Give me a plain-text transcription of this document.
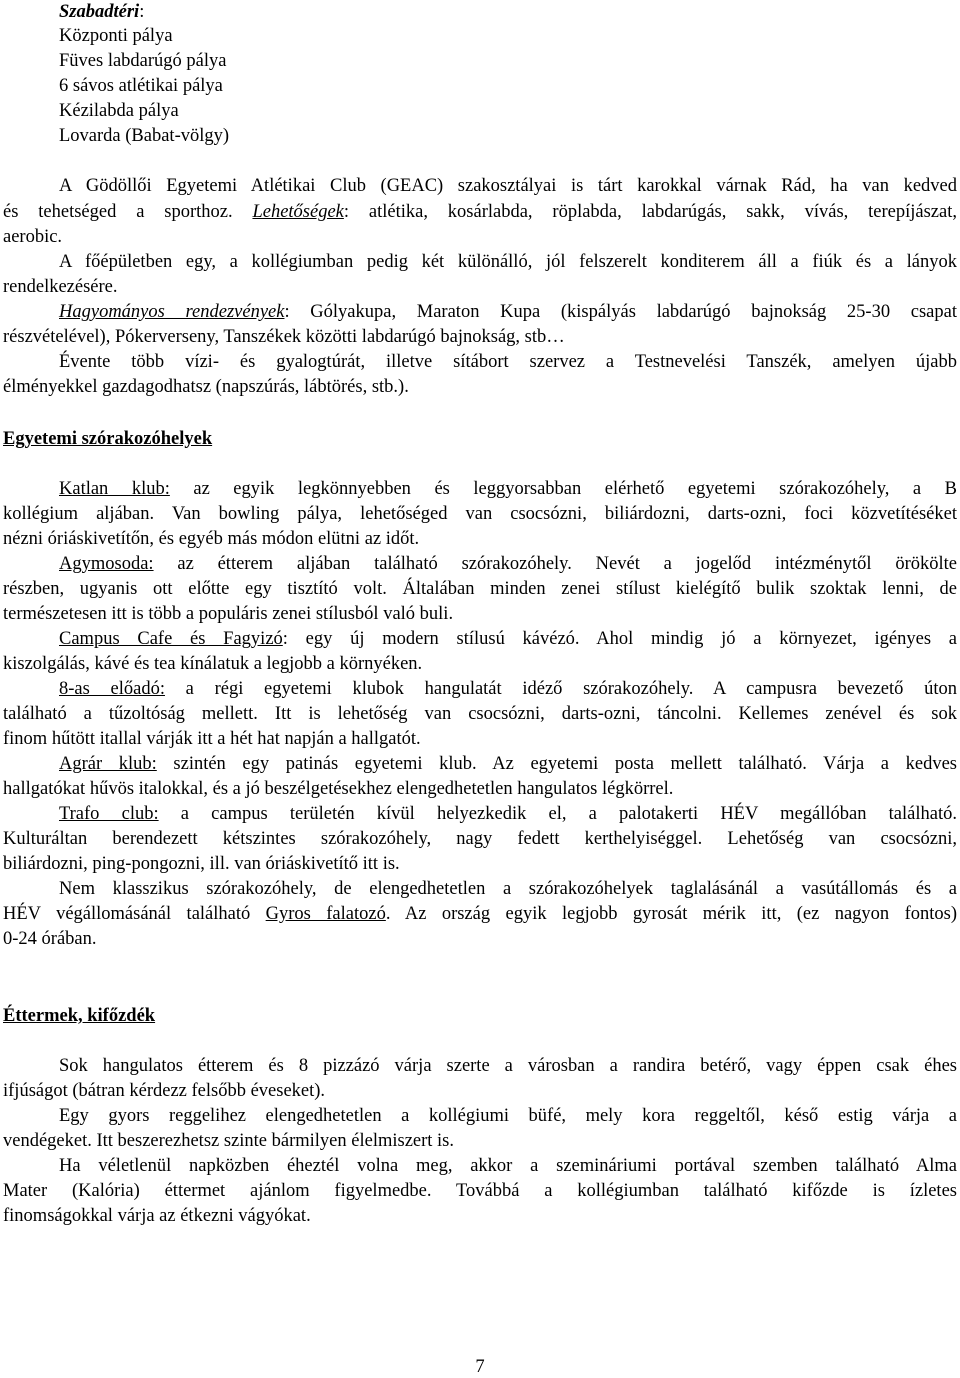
Szabadtéri:
Központi pálya
Füves labdarúgó pálya
6 sávos atlétikai pálya
Kézilabda pálya
Lovarda (Babat-völgy)
A Gödöllői Egyetemi Atlétikai Club (GEAC) szakosztályai is tárt karokkal várnak Rád, ha van kedved
és tehetséged a sporthoz. Lehetőségek: atlétika, kosárlabda, röplabda, labdarúgás, sakk, vívás, terepíjászat,
aerobic.
A főépületben egy, a kollégiumban pedig két különálló, jól felszerelt konditerem áll a fiúk és a lányok
rendelkezésére.
Hagyományos rendezvények: Gólyakupa, Maraton Kupa (kispályás labdarúgó bajnokság 25-30 csapat
részvételével), Pókerverseny, Tanszékek közötti labdarúgó bajnokság, stb…
Évente több vízi- és gyalogtúrát, illetve sítábort szervez a Testnevelési Tanszék, amelyen újabb
élményekkel gazdagodhatsz (napszúrás, lábtörés, stb.).
Egyetemi szórakozóhelyek
Katlan klub: az egyik legkönnyebben és leggyorsabban elérhető egyetemi szórakozóhely, a B
kollégium aljában. Van bowling pálya, lehetőséged van csocsózni, biliárdozni, darts-ozni, foci közvetítéséket
nézni óriáskivetítőn, és egyéb más módon elütni az időt.
Agymosoda: az étterem aljában található szórakozóhely. Nevét a jogelőd intézménytől örökölte
részben, ugyanis ott előtte egy tisztító volt. Általában minden zenei stílust kielégítő bulik szoktak lenni, de
természetesen itt is több a populáris zenei stílusból való buli.
Campus Cafe és Fagyizó: egy új modern stílusú kávézó. Ahol mindig jó a környezet, igényes a
kiszolgálás, kávé és tea kínálatuk a legjobb a környéken.
8-as előadó: a régi egyetemi klubok hangulatát idéző szórakozóhely. A campusra bevezető úton
található a tűzoltóság mellett. Itt is lehetőség van csocsózni, darts-ozni, táncolni. Kellemes zenével és sok
finom hűtött itallal várják itt a hét hat napján a hallgatót.
Agrár klub: szintén egy patinás egyetemi klub. Az egyetemi posta mellett található. Várja a kedves
hallgatókat hűvös italokkal, és a jó beszélgetésekhez elengedhetetlen hangulatos légkörrel.
Trafo club: a campus területén kívül helyezkedik el, a palotakerti HÉV megállóban található.
Kulturáltan berendezett kétszintes szórakozóhely, nagy fedett kerthelyiséggel. Lehetőség van csocsózni,
biliárdozni, ping-pongozni, ill. van óriáskivetítő itt is.
Nem klasszikus szórakozóhely, de elengedhetetlen a szórakozóhelyek taglalásánál a vasútállomás és a
HÉV végállomásánál található Gyros falatozó. Az ország egyik legjobb gyrosát mérik itt, (ez nagyon fontos)
0-24 órában.
Éttermek, kifőzdék
Sok hangulatos étterem és 8 pizzázó várja szerte a városban a randira betérő, vagy éppen csak éhes
ifjúságot (bátran kérdezz felsőbb éveseket).
Egy gyors reggelihez elengedhetetlen a kollégiumi büfé, mely kora reggeltől, késő estig várja a
vendégeket. Itt beszerezhetsz szinte bármilyen élelmiszert is.
Ha véletlenül napközben éheztél volna meg, akkor a szemináriumi portával szemben található Alma
Mater (Kalória) éttermet ajánlom figyelmedbe. Továbbá a kollégiumban található kifőzde is ízletes
finomságokkal várja az étkezni vágyókat.
7
